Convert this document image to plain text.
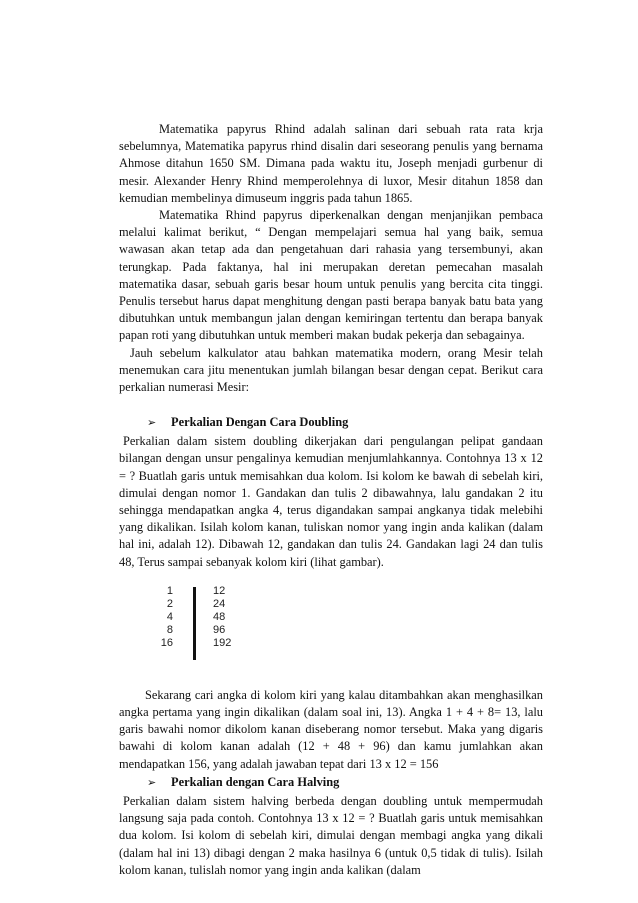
Matematika papyrus Rhind adalah salinan dari sebuah rata rata krja sebelumnya, Matematika papyrus rhind disalin dari seseorang penulis yang bernama Ahmose ditahun 1650 SM. Dimana pada waktu itu, Joseph menjadi gurbenur di mesir. Alexander Henry Rhind memperolehnya di luxor, Mesir ditahun 1858 dan kemudian membelinya dimuseum inggris pada tahun 1865.

Matematika Rhind papyrus diperkenalkan dengan menjanjikan pembaca melalui kalimat berikut, “ Dengan mempelajari semua hal yang baik, semua wawasan akan tetap ada dan pengetahuan dari rahasia yang tersembunyi, akan terungkap. Pada faktanya, hal ini merupakan deretan pemecahan masalah matematika dasar, sebuah garis besar houm untuk penulis yang bercita cita tinggi. Penulis tersebut harus dapat menghitung dengan pasti berapa banyak batu bata yang dibutuhkan untuk membangun jalan dengan kemiringan tertentu dan berapa banyak papan roti yang dibutuhkan untuk memberi makan budak pekerja dan sebagainya.

Jauh sebelum kalkulator atau bahkan matematika modern, orang Mesir telah menemukan cara jitu menentukan jumlah bilangan besar dengan cepat. Berikut cara perkalian numerasi Mesir:

➢	Perkalian Dengan Cara Doubling

Perkalian dalam sistem doubling dikerjakan dari pengulangan pelipat gandaan bilangan dengan unsur pengalinya kemudian menjumlahkannya. Contohnya 13 x 12 = ? Buatlah garis untuk memisahkan dua kolom. Isi kolom ke bawah di sebelah kiri, dimulai dengan nomor 1. Gandakan dan tulis 2 dibawahnya, lalu gandakan 2 itu sehingga mendapatkan angka 4, terus digandakan sampai angkanya tidak melebihi yang dikalikan. Isilah kolom kanan, tuliskan nomor yang ingin anda kalikan (dalam hal ini, adalah 12). Dibawah 12, gandakan dan tulis 24. Gandakan lagi 24 dan tulis 48, Terus sampai sebanyak kolom kiri (lihat gambar).

1
2
4
8
16
12
24
48
96
192

Sekarang cari angka di kolom kiri yang kalau ditambahkan akan menghasilkan angka pertama yang ingin dikalikan (dalam soal ini, 13). Angka 1 + 4 + 8= 13, lalu garis bawahi nomor dikolom kanan diseberang nomor tersebut. Maka yang digaris bawahi di kolom kanan adalah (12 + 48 + 96) dan kamu jumlahkan akan mendapatkan 156, yang adalah jawaban tepat dari 13 x 12 = 156

➢	Perkalian dengan Cara Halving

Perkalian dalam sistem halving berbeda dengan doubling untuk mempermudah langsung saja pada contoh. Contohnya 13 x 12 = ? Buatlah garis untuk memisahkan dua kolom. Isi kolom di sebelah kiri, dimulai dengan membagi angka yang dikali (dalam hal ini 13) dibagi dengan 2 maka hasilnya 6 (untuk 0,5 tidak di tulis). Isilah kolom kanan, tulislah nomor yang ingin anda kalikan (dalam
